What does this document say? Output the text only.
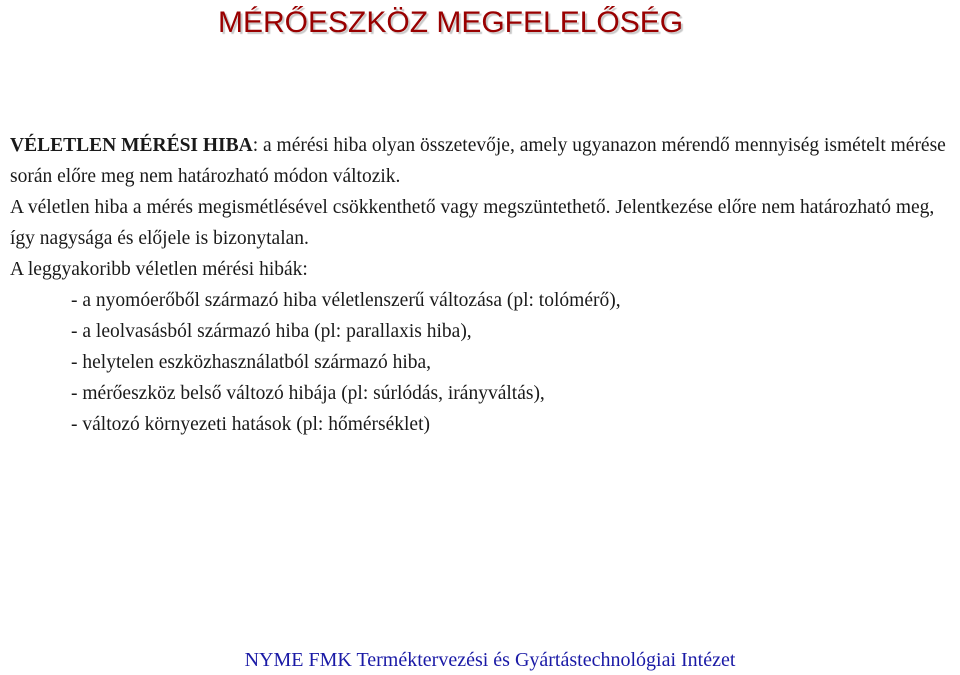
MÉRŐESZKÖZ MEGFELELŐSÉG

VÉLETLEN MÉRÉSI HIBA: a mérési hiba olyan összetevője, amely ugyanazon mérendő mennyiség ismételt mérése során előre meg nem határozható módon változik.

A véletlen hiba a mérés megismétlésével csökkenthető vagy megszüntethető. Jelentkezése előre nem határozható meg, így nagysága és előjele is bizonytalan.

A leggyakoribb véletlen mérési hibák:

- a nyomóerőből származó hiba véletlenszerű változása (pl: tolómérő),
- a leolvasásból származó hiba (pl: parallaxis hiba),
- helytelen eszközhasználatból származó hiba,
- mérőeszköz belső változó hibája (pl: súrlódás, irányváltás),
- változó környezeti hatások (pl: hőmérséklet)
NYME FMK Terméktervezési és Gyártástechnológiai Intézet
